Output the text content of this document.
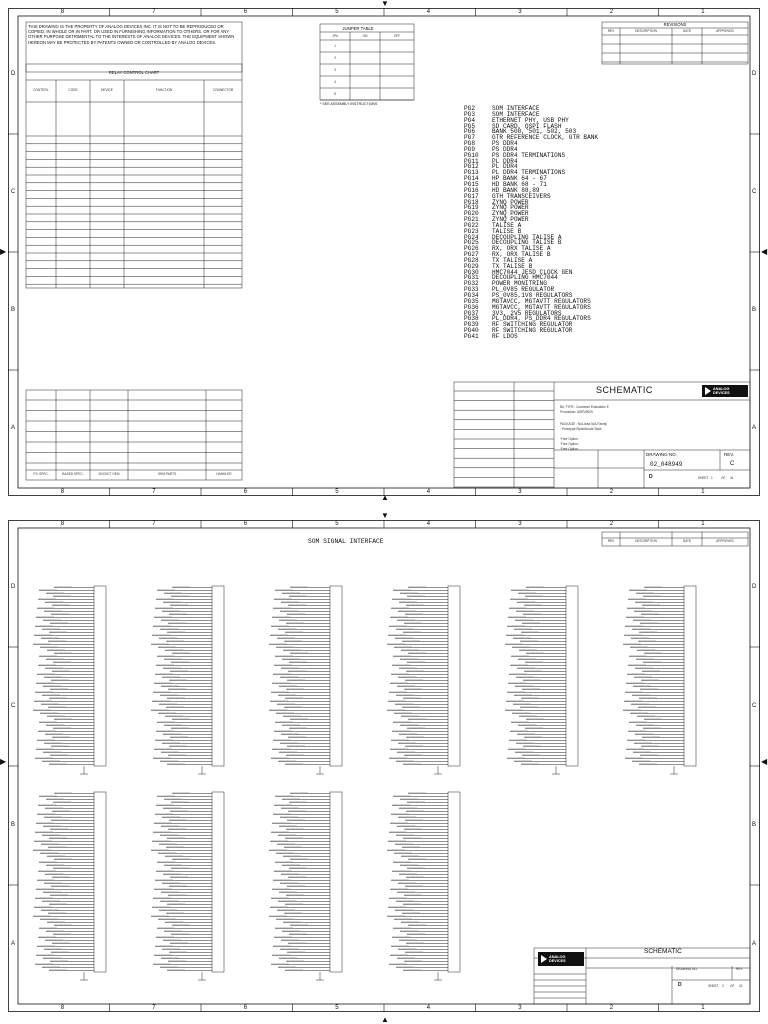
8
8
7
7
6
6
5
5
4
4
3
3
2
2
1
1
D	D
C	C
B	B
A	A
THIS DRAWING IS THE PROPERTY OF ANALOG DEVICES INC. IT IS NOT TO BE REPRODUCED OR COPIED, IN WHOLE OR IN PART, OR USED IN FURNISHING INFORMATION TO OTHERS, OR FOR ANY OTHER PURPOSE DETRIMENTAL TO THE INTERESTS OF ANALOG DEVICES. THE EQUIPMENT SHOWN HEREON MAY BE PROTECTED BY PATENTS OWNED OR CONTROLLED BY ANALOG DEVICES.
RELAY CONTROL CHART
CONTROL	CODE	DEVICE	FUNCTION	CONNECTOR
JUMPER TABLE
JP#	ON	OFF
1
2
3
4
5
* SEE ASSEMBLY INSTRUCTIONS
REVISIONS
REV	DESCRIPTION	DATE	APPROVED
PG2	SOM INTERFACE
PG3	SOM INTERFACE
PG4	ETHERNET PHY, USB PHY
PG5	SD CARD, QSPI FLASH
PG6	BANK 500, 501, 502, 503
PG7	GTR REFERENCE CLOCK, GTR BANK
PG8	PS DDR4
PG9	PS DDR4
PG10 PS DDR4 TERMINATIONS
PG11 PL DDR4
PG12 PL DDR4
PG13 PL DDR4 TERMINATIONS
PG14 HP BANK 64 - 67
PG15 HD BANK 68 - 71
PG16 HD BANK 88,89
PG17 GTH TRANSCEIVERS
PG18 ZYNQ POWER
PG19 ZYNQ POWER
PG20 ZYNQ POWER
PG21 ZYNQ POWER
PG22 TALISE A
PG23 TALISE B
PG24 DECOUPLING TALISE A
PG25 DECOUPLING TALISE B
PG26 RX, ORX TALISE A
PG27 RX, ORX TALISE B
PG28 TX TALISE A
PG29 TX TALISE B
PG30 HMC7044 JESD CLOCK GEN
PG31 DECOUPLING HMC7044
PG32 POWER MONITRING
PG33 PL_0V85 REGULATOR
PG34 PS_0V85,1V8 REGULATORS
PG35 MGTAVCC, MGTAVTT REGULATORS
PG36 MGTAVCC, MGTAVTT REGULATORS
PG37 3V3, 2V5 REGULATORS
PG38 PL_DDR4, PS_DDR4 REGULATORS
PG39 RF SWITCHING REGULATOR
PG40 RF SWITCHING REGULATOR
PG41 RF LDOS
P.C.SPEC.	BASED SPEC.	SOCKET OEM	OEM PARTS	HANDLER
SCHEMATIC	ANALOG DEVICES
BU TYPE : Customer Evaluation E
Production: ADRV9009
PACKAGE : N/A-lead N/A-Family
: Prototype.Style/Anode Style
:Free Option:
:Free Option:
:Free Option:
DRAWING NO.
02_048949
REV.
C
D	SHEET 1	OF 41
8
8
7
7
6
6
5
5
4
4
3
3
2
2
1
1
D	D
C	C
B	B
A	A
SOM SIGNAL INTERFACE	REV	DESCRIPTION	DATE	APPROVED
SCHEMATIC
ANALOG DEVICES
DRAWING NO.	REV.
D	SHEET 2 OF 41
▼
▲
▼
▲
▶	◀
▶	◀
